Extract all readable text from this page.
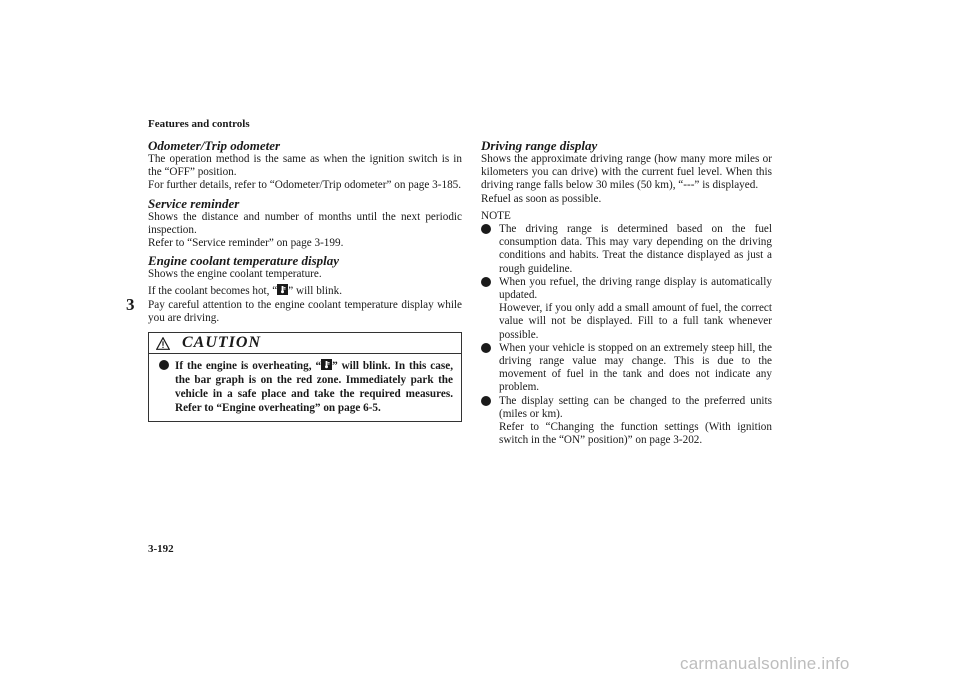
Features and controls
3
Odometer/Trip odometer

The operation method is the same as when the ignition switch is in the “OFF” position.

For further details, refer to “Odometer/Trip odometer” on page 3-185.

Service reminder

Shows the distance and number of months until the next periodic inspection.

Refer to “Service reminder” on page 3-199.

Engine coolant temperature display

Shows the engine coolant temperature.

If the coolant becomes hot, “ ” will blink.

Pay careful attention to the engine coolant temperature display while you are driving.

CAUTION
If the engine is overheating, “ ” will blink. In this case, the bar graph is on the red zone. Immediately park the vehicle in a safe place and take the required measures. Refer to “Engine overheating” on page 6-5.
Driving range display

Shows the approximate driving range (how many more miles or kilometers you can drive) with the current fuel level. When this driving range falls below 30 miles (50 km), “---” is displayed.

Refuel as soon as possible.

NOTE
The driving range is determined based on the fuel consumption data. This may vary depending on the driving conditions and habits. Treat the distance displayed as just a rough guideline.
When you refuel, the driving range display is automatically updated.
However, if you only add a small amount of fuel, the correct value will not be displayed. Fill to a full tank whenever possible.
When your vehicle is stopped on an extremely steep hill, the driving range value may change. This is due to the movement of fuel in the tank and does not indicate any problem.
The display setting can be changed to the preferred units (miles or km).
Refer to “Changing the function settings (With ignition switch in the “ON” position)” on page 3-202.
3-192
carmanualsonline.info
